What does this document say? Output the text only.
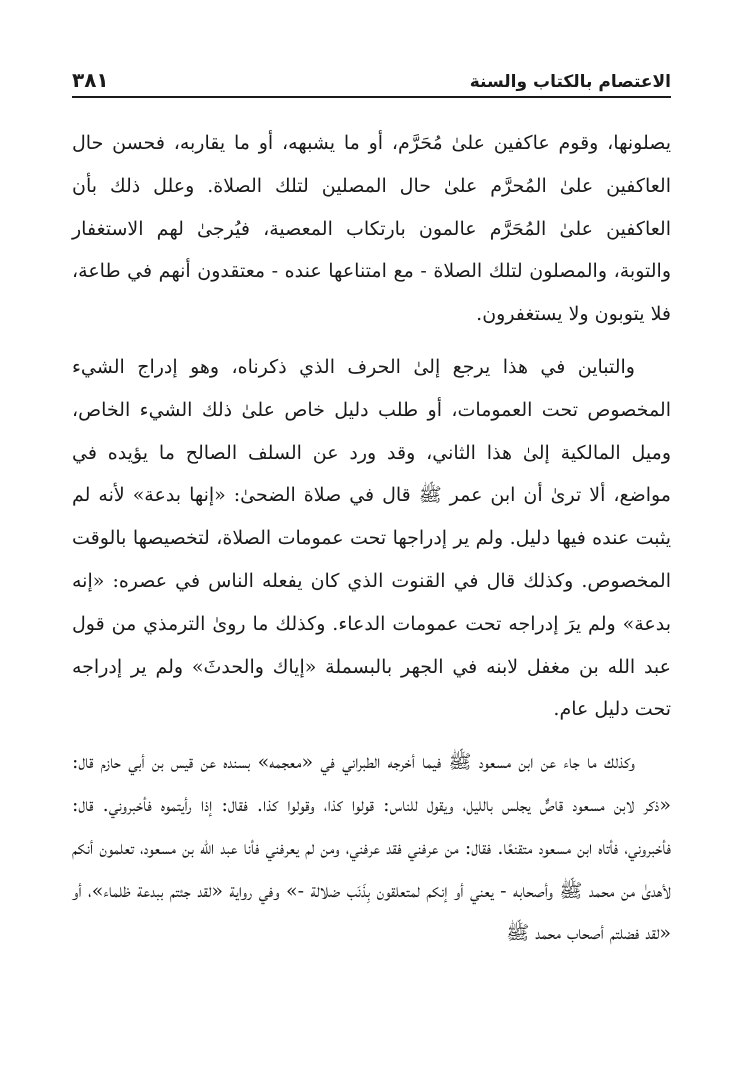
الاعتصام بالكتاب والسنة
٣٨١

يصلونها، وقوم عاكفين علىٰ مُحَرَّم، أو ما يشبهه، أو ما يقاربه، فحسن حال العاكفين علىٰ المُحرَّم علىٰ حال المصلين لتلك الصلاة. وعلل ذلك بأن العاكفين علىٰ المُحَرَّم عالمون بارتكاب المعصية، فيُرجىٰ لهم الاستغفار والتوبة، والمصلون لتلك الصلاة - مع امتناعها عنده - معتقدون أنهم في طاعة، فلا يتوبون ولا يستغفرون.

والتباين في هذا يرجع إلىٰ الحرف الذي ذكرناه، وهو إدراج الشيء المخصوص تحت العمومات، أو طلب دليل خاص علىٰ ذلك الشيء الخاص، وميل المالكية إلىٰ هذا الثاني، وقد ورد عن السلف الصالح ما يؤيده في مواضع، ألا ترىٰ أن ابن عمر ﷺ قال في صلاة الضحىٰ: «إنها بدعة» لأنه لم يثبت عنده فيها دليل. ولم ير إدراجها تحت عمومات الصلاة، لتخصيصها بالوقت المخصوص. وكذلك قال في القنوت الذي كان يفعله الناس في عصره: «إنه بدعة» ولم يرَ إدراجه تحت عمومات الدعاء. وكذلك ما روىٰ الترمذي من قول عبد الله بن مغفل لابنه في الجهر بالبسملة «إياك والحدثَ» ولم ير إدراجه تحت دليل عام.

وكذلك ما جاء عن ابن مسعود ﷺ فيما أخرجه الطبراني في «معجمه» بسنده عن قيس بن أبي حازم قال: «ذكر لابن مسعود قاصٌّ يجلس بالليل، ويقول للناس: قولوا كذا، وقولوا كذا. فقال: إذا رأيتموه فأخبروني. قال: فأخبروني، فأتاه ابن مسعود متقنعًا. فقال: من عرفني فقد عرفني، ومن لم يعرفني فأنا عبد الله بن مسعود، تعلمون أنكم لأهدىٰ من محمد ﷺ وأصحابه - يعني أو إنكم لمتعلقون بِذَنَب ضلالة -» وفي رواية «لقد جئتم ببدعة ظلماء»، أو «لقد فضلتم أصحاب محمد ﷺ
